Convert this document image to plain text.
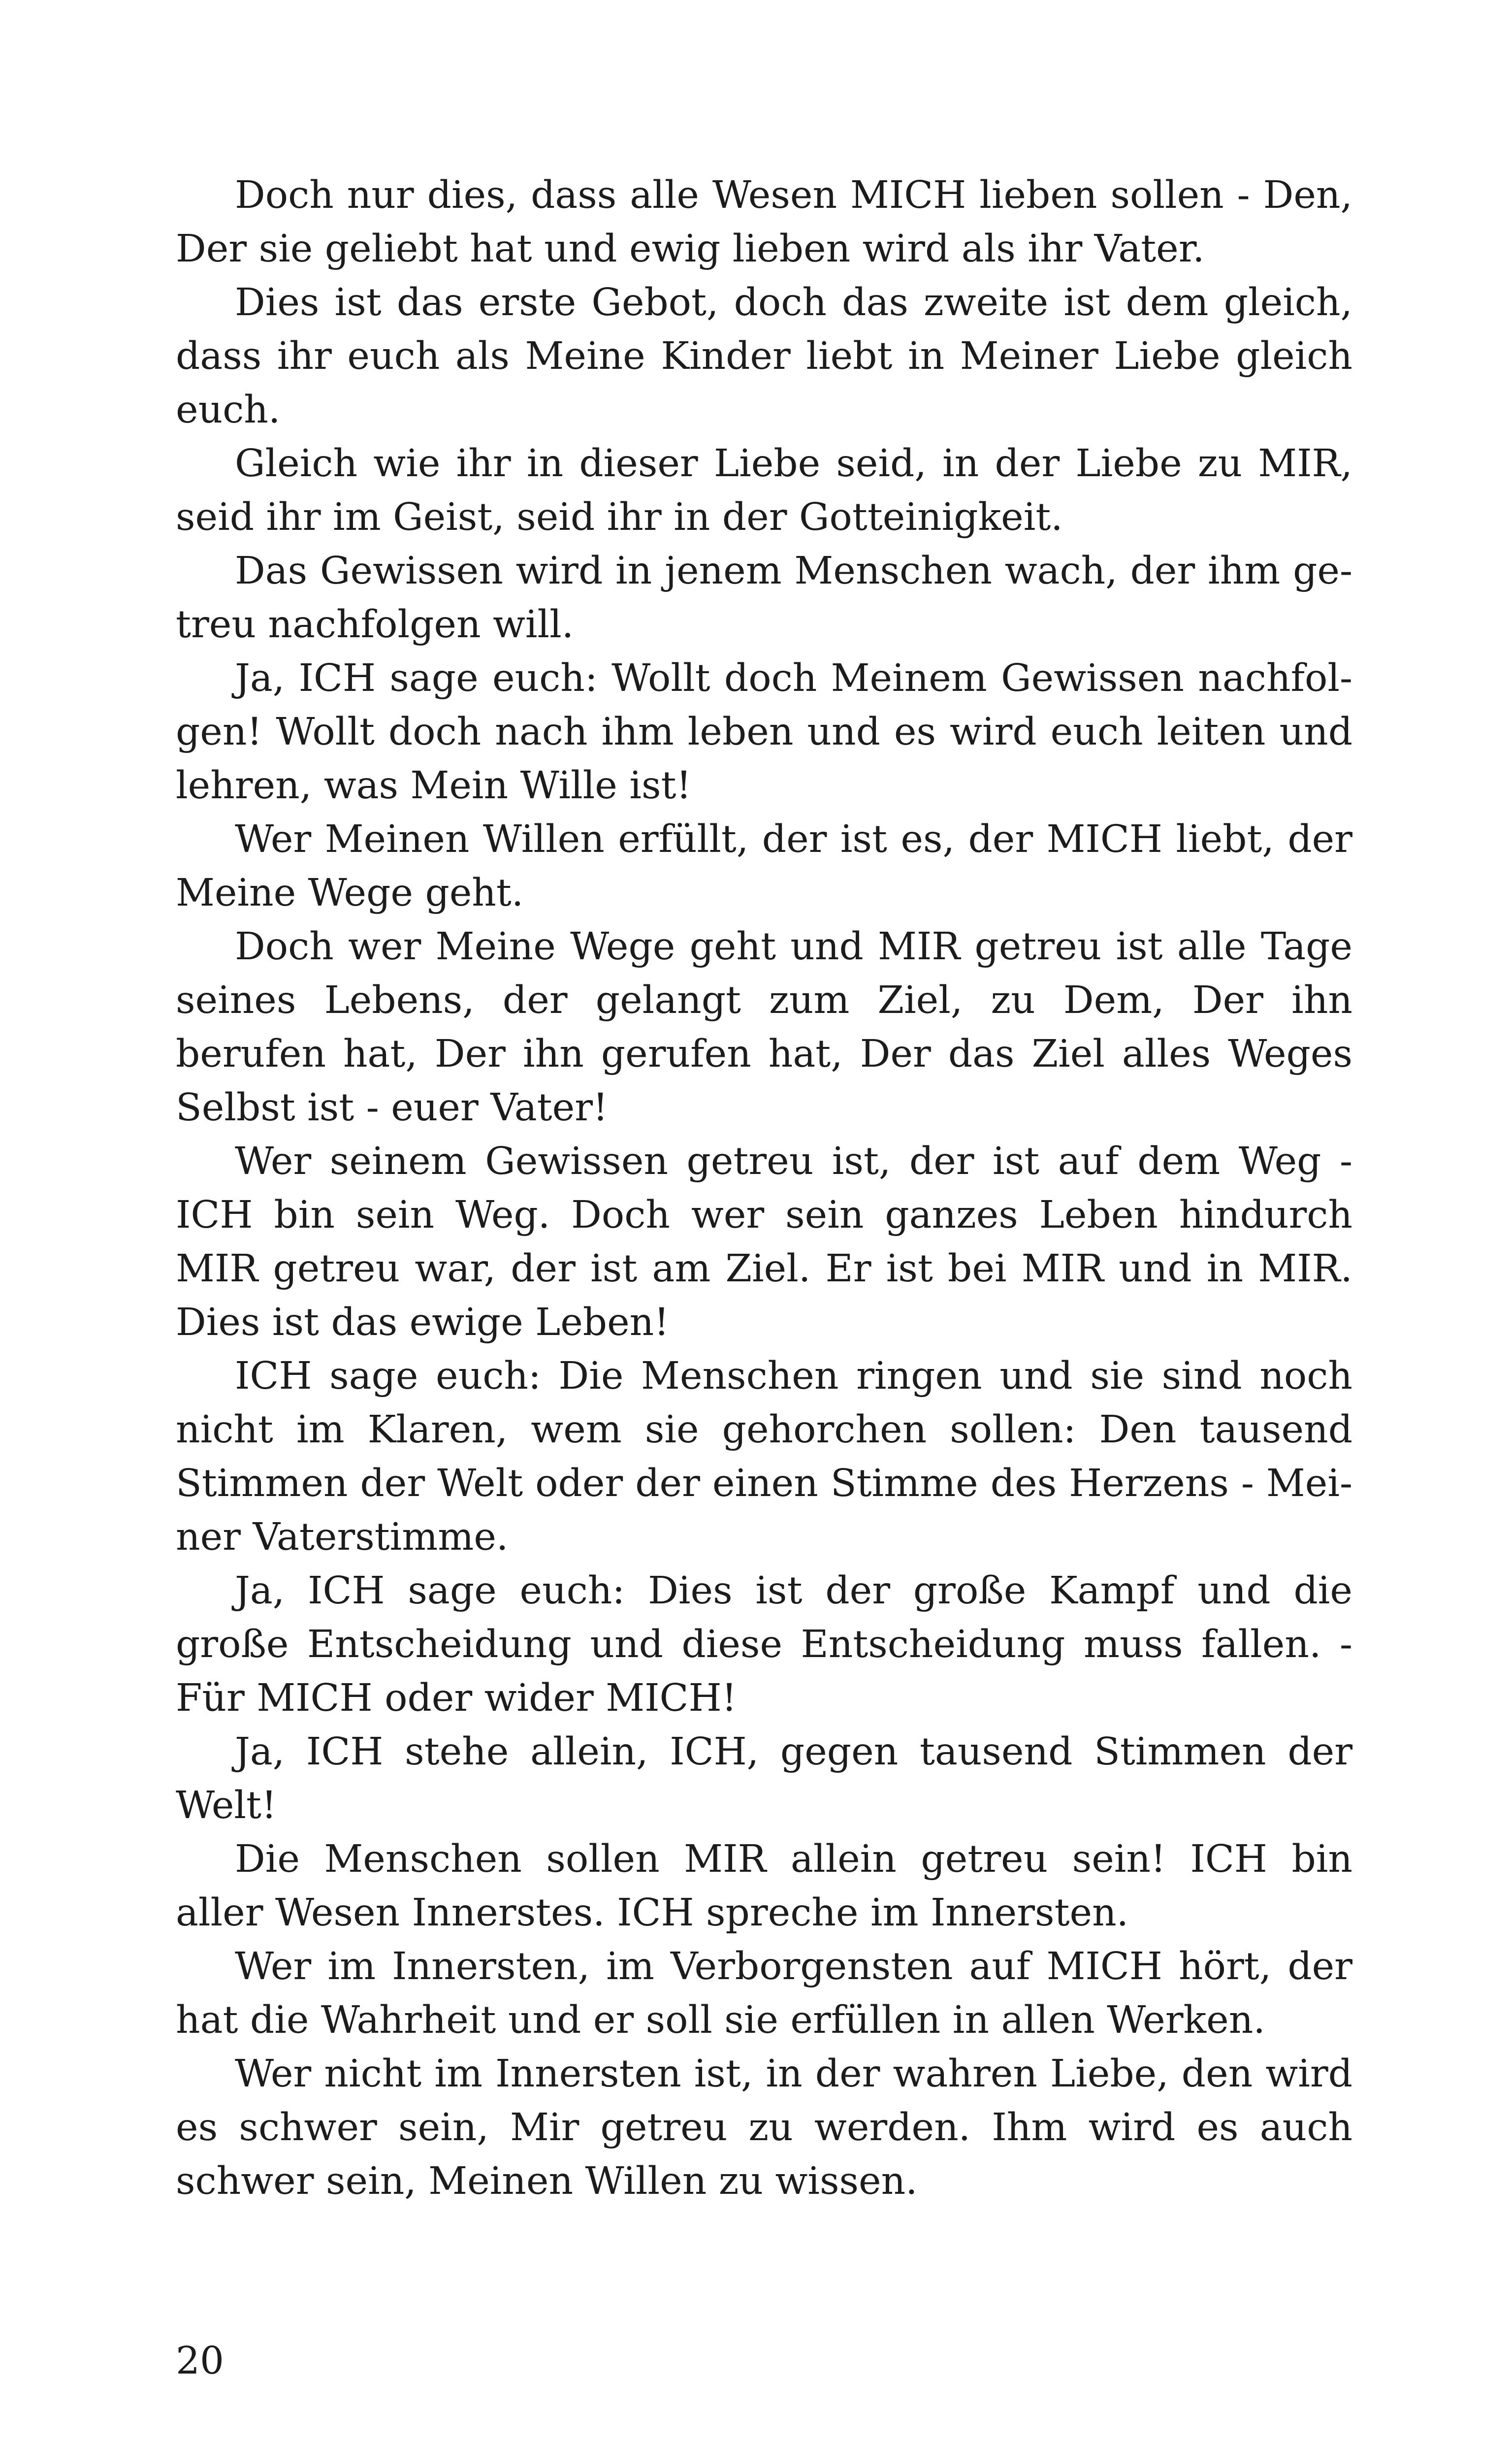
Doch nur dies, dass alle Wesen MICH lieben sollen - Den, Der sie geliebt hat und ewig lieben wird als ihr Vater.

Dies ist das erste Gebot, doch das zweite ist dem gleich, dass ihr euch als Meine Kinder liebt in Meiner Liebe gleich euch.

Gleich wie ihr in dieser Liebe seid, in der Liebe zu MIR, seid ihr im Geist, seid ihr in der Gotteinigkeit.

Das Gewissen wird in jenem Menschen wach, der ihm getreu nachfolgen will.

Ja, ICH sage euch: Wollt doch Meinem Gewissen nachfolgen! Wollt doch nach ihm leben und es wird euch leiten und lehren, was Mein Wille ist!

Wer Meinen Willen erfüllt, der ist es, der MICH liebt, der Meine Wege geht.

Doch wer Meine Wege geht und MIR getreu ist alle Tage seines Lebens, der gelangt zum Ziel, zu Dem, Der ihn berufen hat, Der ihn gerufen hat, Der das Ziel alles Weges Selbst ist - euer Vater!

Wer seinem Gewissen getreu ist, der ist auf dem Weg - ICH bin sein Weg. Doch wer sein ganzes Leben hindurch MIR getreu war, der ist am Ziel. Er ist bei MIR und in MIR. Dies ist das ewige Leben!

ICH sage euch: Die Menschen ringen und sie sind noch nicht im Klaren, wem sie gehorchen sollen: Den tausend Stimmen der Welt oder der einen Stimme des Herzens - Meiner Vaterstimme.

Ja, ICH sage euch: Dies ist der große Kampf und die große Entscheidung und diese Entscheidung muss fallen. - Für MICH oder wider MICH!

Ja, ICH stehe allein, ICH, gegen tausend Stimmen der Welt!

Die Menschen sollen MIR allein getreu sein! ICH bin aller Wesen Innerstes. ICH spreche im Innersten.

Wer im Innersten, im Verborgensten auf MICH hört, der hat die Wahrheit und er soll sie erfüllen in allen Werken.

Wer nicht im Innersten ist, in der wahren Liebe, den wird es schwer sein, Mir getreu zu werden. Ihm wird es auch schwer sein, Meinen Willen zu wissen.

20
